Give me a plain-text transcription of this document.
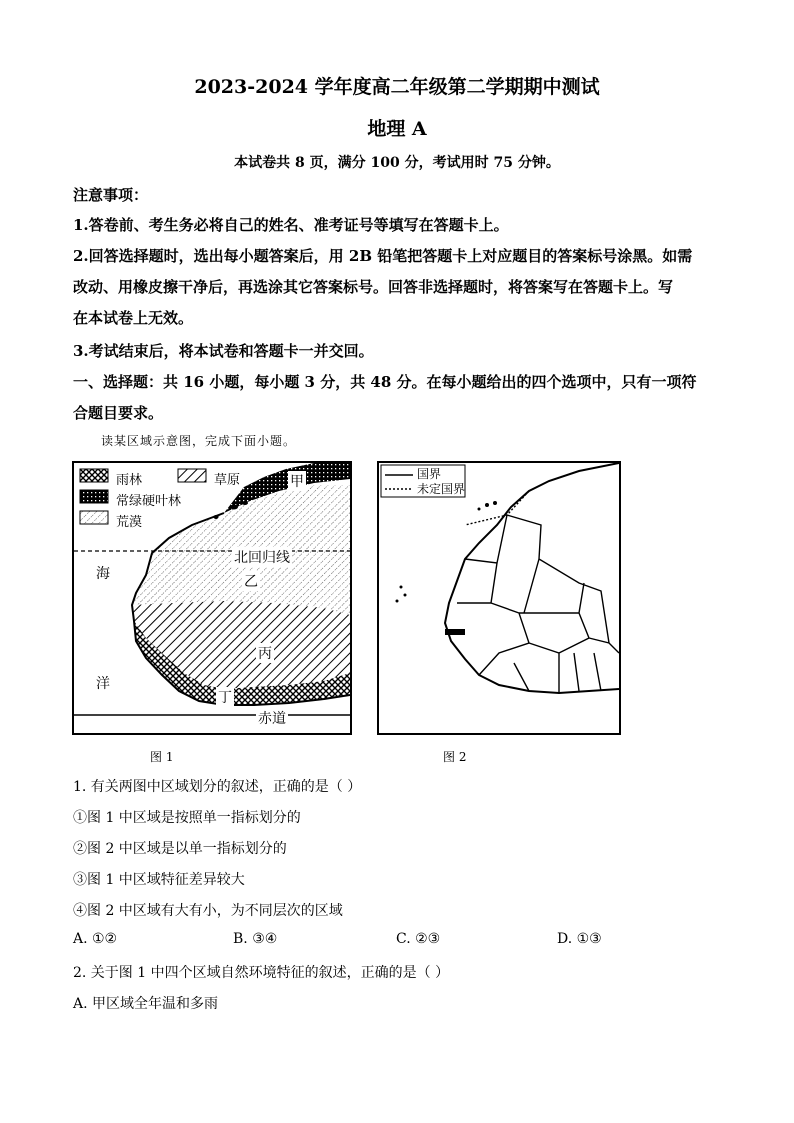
2023-2024 学年度高二年级第二学期期中测试
地理 A
本试卷共 8 页，满分 100 分，考试用时 75 分钟。
注意事项：
1.答卷前、考生务必将自己的姓名、准考证号等填写在答题卡上。
2.回答选择题时，选出每小题答案后，用 2B 铅笔把答题卡上对应题目的答案标号涂黑。如需
改动、用橡皮擦干净后，再选涂其它答案标号。回答非选择题时，将答案写在答题卡上。写
在本试卷上无效。
3.考试结束后，将本试卷和答题卡一并交回。
一、选择题：共 16 小题，每小题 3 分，共 48 分。在每小题给出的四个选项中，只有一项符
合题目要求。
读某区域示意图，完成下面小题。
雨林	草原
常绿硬叶林
荒漠
甲
北回归线
乙
丙
丁
海
洋
赤道
图 1
国界
未定国界
图 2
1. 有关两图中区域划分的叙述，正确的是（ ）
①图 1 中区域是按照单一指标划分的
②图 2 中区域是以单一指标划分的
③图 1 中区域特征差异较大
④图 2 中区域有大有小，为不同层次的区域
A. ①②	B. ③④	C. ②③	D. ①③
2. 关于图 1 中四个区域自然环境特征的叙述，正确的是（ ）
A. 甲区域全年温和多雨
